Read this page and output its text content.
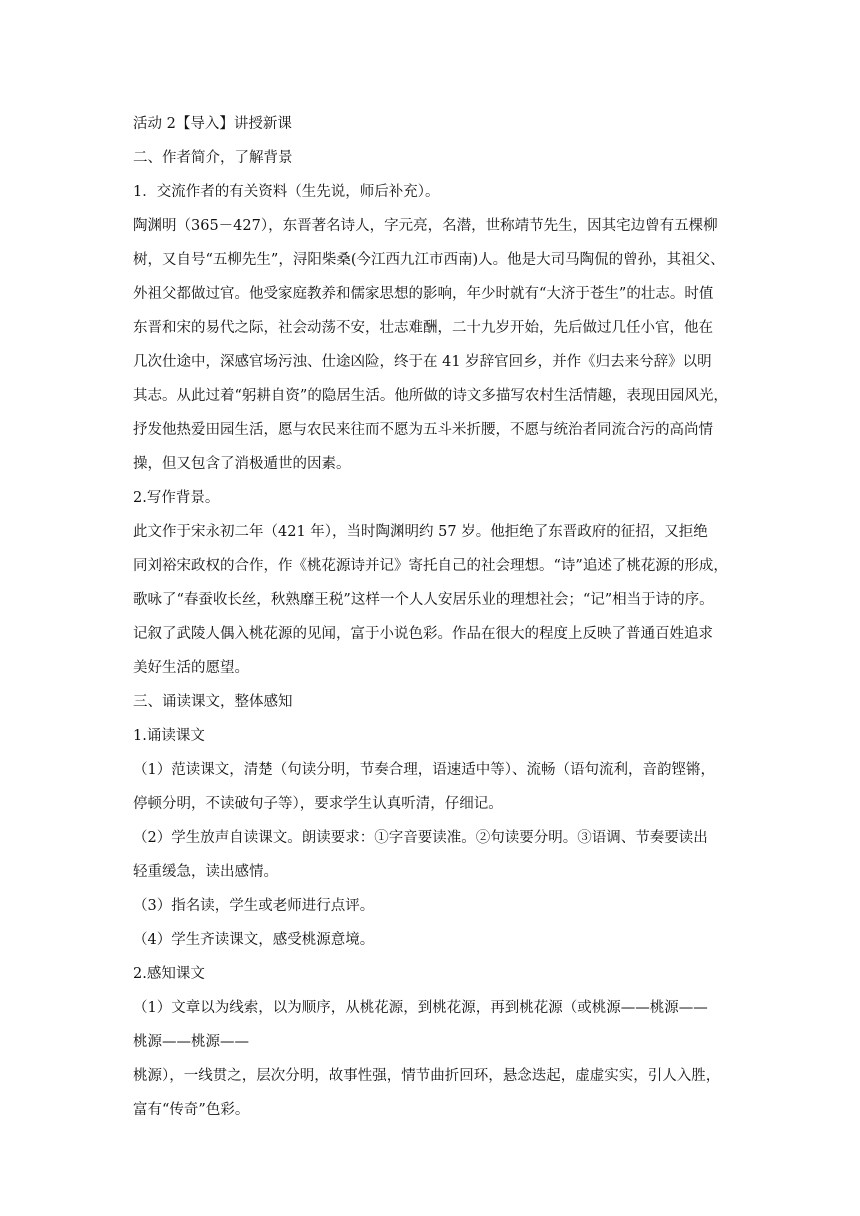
活动 2【导入】讲授新课
二、作者简介，了解背景
1．交流作者的有关资料（生先说，师后补充）。
陶渊明（365－427），东晋著名诗人，字元亮，名潜，世称靖节先生，因其宅边曾有五棵柳
树，又自号“五柳先生”，浔阳柴桑(今江西九江市西南)人。他是大司马陶侃的曾孙，其祖父、
外祖父都做过官。他受家庭教养和儒家思想的影响，年少时就有“大济于苍生”的壮志。时值
东晋和宋的易代之际，社会动荡不安，壮志难酬，二十九岁开始，先后做过几任小官，他在
几次仕途中，深感官场污浊、仕途凶险，终于在 41 岁辞官回乡，并作《归去来兮辞》以明
其志。从此过着“躬耕自资”的隐居生活。他所做的诗文多描写农村生活情趣，表现田园风光，
抒发他热爱田园生活，愿与农民来往而不愿为五斗米折腰，不愿与统治者同流合污的高尚情
操，但又包含了消极遁世的因素。
2.写作背景。
此文作于宋永初二年（421 年），当时陶渊明约 57 岁。他拒绝了东晋政府的征招，又拒绝
同刘裕宋政权的合作，作《桃花源诗并记》寄托自己的社会理想。“诗”追述了桃花源的形成，
歌咏了“春蚕收长丝，秋熟靡王税”这样一个人人安居乐业的理想社会；“记”相当于诗的序。
记叙了武陵人偶入桃花源的见闻，富于小说色彩。作品在很大的程度上反映了普通百姓追求
美好生活的愿望。
三、诵读课文，整体感知
1.诵读课文
（1）范读课文，清楚（句读分明，节奏合理，语速适中等）、流畅（语句流利，音韵铿锵，
停顿分明，不读破句子等），要求学生认真听清，仔细记。
（2）学生放声自读课文。朗读要求：①字音要读准。②句读要分明。③语调、节奏要读出
轻重缓急，读出感情。
（3）指名读，学生或老师进行点评。
（4）学生齐读课文，感受桃源意境。
2.感知课文
（1）文章以为线索，以为顺序，从桃花源，到桃花源，再到桃花源（或桃源——桃源——
桃源——桃源——
桃源），一线贯之，层次分明，故事性强，情节曲折回环，悬念迭起，虚虚实实，引人入胜，
富有“传奇”色彩。
